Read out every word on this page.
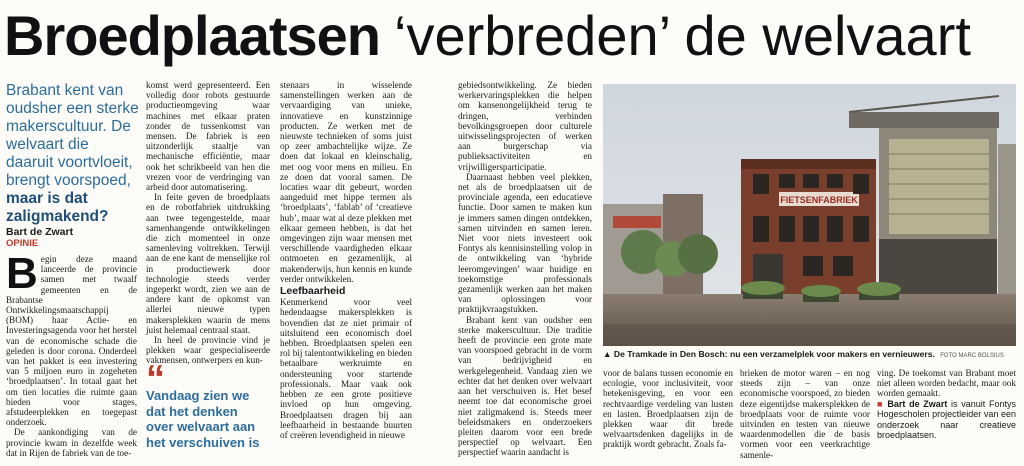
Broedplaatsen ‘verbreden’ de welvaart
Brabant kent van oudsher een sterke makerscultuur. De welvaart die daaruit voortvloeit, brengt voorspoed, maar is dat zaligmakend?
Bart de Zwart
OPINIE

Begin deze maand lanceerde de provincie samen met twaalf gemeenten en de Brabantse Ontwikkelingsmaatschappij (BOM) haar Actie- en Investeringsagenda voor het herstel van de economische schade die geleden is door corona. Onderdeel van het pakket is een investering van 5 miljoen euro in zogeheten ‘broedplaatsen’. In totaal gaat het om tien locaties die ruimte gaan bieden voor stages, afstudeerplekken en toegepast onderzoek.

De aankondiging van de provincie kwam in dezelfde week dat in Rijen de fabriek van de toe-

komst werd gepresenteerd. Een volledig door robots gestuurde productieomgeving waar machines met elkaar praten zonder de tussenkomst van mensen. De fabriek is een uitzonderlijk staaltje van mechanische efficiëntie, maar ook het schrikbeeld van hen die vrezen voor de verdringing van arbeid door automatisering.

In feite geven de broedplaats en de robotfabriek uitdrukking aan twee tegengestelde, maar samenhangende ontwikkelingen die zich momenteel in onze samenleving voltrekken. Terwijl aan de ene kant de menselijke rol in productiewerk door technologie steeds verder ingeperkt wordt, zien we aan de andere kant de opkomst van allerlei nieuwe typen makersplekken waarin de mens juist helemaal centraal staat.

In heel de provincie vind je plekken waar gespecialiseerde vakmensen, ontwerpers en kun-

“
Vandaag zien we dat het denken over welvaart aan het verschuiven is

stenaars in wisselende samenstellingen werken aan de vervaardiging van unieke, innovatieve en kunstzinnige producten. Ze werken met de nieuwste technieken of soms juist op zeer ambachtelijke wijze. Ze doen dat lokaal en kleinschalig, met oog voor mens en milieu. En ze doen dat vooral samen. De locaties waar dit gebeurt, worden aangeduid met hippe termen als ‘broedplaats’, ‘fablab’ of ‘creatieve hub’, maar wat al deze plekken met elkaar gemeen hebben, is dat het omgevingen zijn waar mensen met verschillende vaardigheden elkaar ontmoeten en gezamenlijk, al makenderwijs, hun kennis en kunde verder ontwikkelen.

Leefbaarheid

Kenmerkend voor veel hedendaagse makersplekken is bovendien dat ze niet primair of uitsluitend een economisch doel hebben. Broedplaatsen spelen een rol bij talentontwikkeling en bieden betaalbare werkruimte en ondersteuning voor startende professionals. Maar vaak ook hebben ze een grote positieve invloed op hun omgeving. Broedplaatsen dragen bij aan leefbaarheid in bestaande buurten of creëren levendigheid in nieuwe

gebiedsontwikkeling. Ze bieden werkervaringsplekken die helpen om kansenongelijkheid terug te dringen, verbinden bevolkingsgroepen door culturele uitwisselingsprojecten of werken aan burgerschap via publieksactiviteiten en vrijwilligersparticipatie.

Daarnaast hebben veel plekken, net als de broedplaatsen uit de provinciale agenda, een educatieve functie. Door samen te maken kun je immers samen dingen ontdekken, samen uitvinden en samen leren. Niet voor niets investeert ook Fontys als kennisinstelling volop in de ontwikkeling van ‘hybride leeromgevingen’ waar huidige en toekomstige professionals gezamenlijk werken aan het maken van oplossingen voor praktijkvraagstukken.

Brabant kent van oudsher een sterke makerscultuur. Die traditie heeft de provincie een grote mate van voorspoed gebracht in de vorm van bedrijvigheid en werkgelegenheid. Vandaag zien we echter dat het denken over welvaart aan het verschuiven is. Het besef neemt toe dat economische groei niet zaligmakend is. Steeds meer beleidsmakers en onderzoekers pleiten daarom voor een brede perspectief op welvaart. Een perspectief waarin aandacht is

FIETSENFABRIEK
▲ De Tramkade in Den Bosch: nu een verzamelplek voor makers en vernieuwers. FOTO MARC BOLSIUS

voor de balans tussen economie en ecologie, voor inclusiviteit, voor betekenisgeving, en voor een rechtvaardige verdeling van lusten en lasten. Broedplaatsen zijn de plekken waar dit brede welvaartsdenken dagelijks in de praktijk wordt gebracht. Zoals fa-

brieken de motor waren – en nog steeds zijn – van onze economische voorspoed, zo bieden deze eigentijdse makersplekken de broedplaats voor de ruimte voor uitvinden en testen van nieuwe waardenmodellen die de basis vormen voor een veerkrachtige samenle-

ving. De toekomst van Brabant moet niet alleen worden bedacht, maar ook worden gemaakt.

■ Bart de Zwart is vanuit Fontys Hogescholen projectleider van een onderzoek naar creatieve broedplaatsen.
